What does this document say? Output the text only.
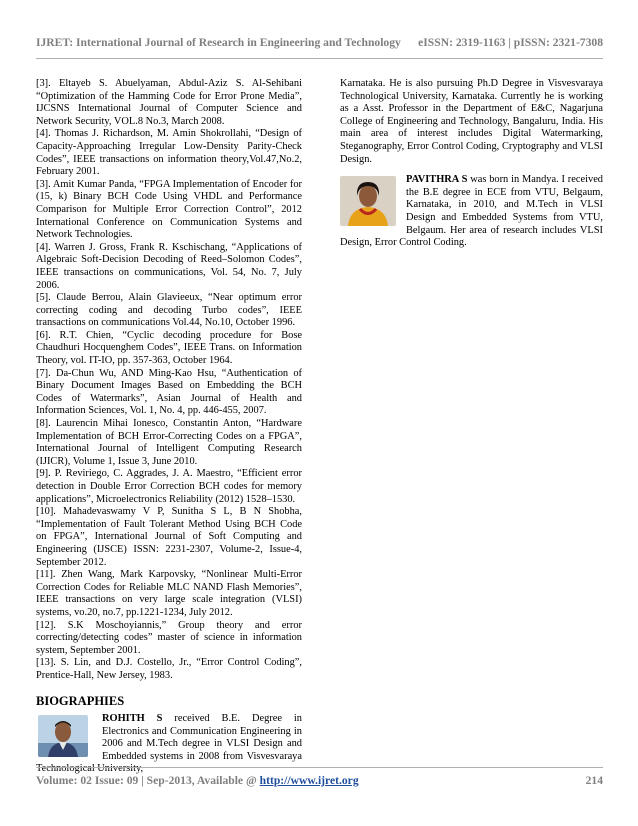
IJRET: International Journal of Research in Engineering and Technology eISSN: 2319-1163 | pISSN: 2321-7308

[3]. Eltayeb S. Abuelyaman, Abdul-Aziz S. Al-Sehibani “Optimization of the Hamming Code for Error Prone Media”, IJCSNS International Journal of Computer Science and Network Security, VOL.8 No.3, March 2008.

[4]. Thomas J. Richardson, M. Amin Shokrollahi, “Design of Capacity-Approaching Irregular Low-Density Parity-Check Codes”, IEEE transactions on information theory,Vol.47,No.2, February 2001.

[3]. Amit Kumar Panda, “FPGA Implementation of Encoder for (15, k) Binary BCH Code Using VHDL and Performance Comparison for Multiple Error Correction Control”, 2012 International Conference on Communication Systems and Network Technologies.

[4]. Warren J. Gross, Frank R. Kschischang, “Applications of Algebraic Soft-Decision Decoding of Reed–Solomon Codes”, IEEE transactions on communications, Vol. 54, No. 7, July 2006.

[5]. Claude Berrou, Alain Glavieeux, “Near optimum error correcting coding and decoding Turbo codes”, IEEE transactions on communications Vol.44, No.10, October 1996.

[6]. R.T. Chien, “Cyclic decoding procedure for Bose Chaudhuri Hocquenghem Codes”, IEEE Trans. on Information Theory, vol. IT-IO, pp. 357-363, October 1964.

[7]. Da-Chun Wu, AND Ming-Kao Hsu, “Authentication of Binary Document Images Based on Embedding the BCH Codes of Watermarks”, Asian Journal of Health and Information Sciences, Vol. 1, No. 4, pp. 446-455, 2007.

[8]. Laurencin Mihai Ionesco, Constantin Anton, “Hardware Implementation of BCH Error-Correcting Codes on a FPGA”, International Journal of Intelligent Computing Research (IJICR), Volume 1, Issue 3, June 2010.

[9]. P. Reviriego, C. Aggrades, J. A. Maestro, “Efficient error detection in Double Error Correction BCH codes for memory applications”, Microelectronics Reliability (2012) 1528–1530.

[10]. Mahadevaswamy V P, Sunitha S L, B N Shobha, “Implementation of Fault Tolerant Method Using BCH Code on FPGA”, International Journal of Soft Computing and Engineering (IJSCE) ISSN: 2231-2307, Volume-2, Issue-4, September 2012.

[11]. Zhen Wang, Mark Karpovsky, “Nonlinear Multi-Error Correction Codes for Reliable MLC NAND Flash Memories”, IEEE transactions on very large scale integration (VLSI) systems, vo.20, no.7, pp.1221-1234, July 2012.

[12]. S.K Moschoyiannis,” Group theory and error correcting/detecting codes” master of science in information system, September 2001.

[13]. S. Lin, and D.J. Costello, Jr., “Error Control Coding”, Prentice-Hall, New Jersey, 1983.

BIOGRAPHIES

ROHITH S received B.E. Degree in Electronics and Communication Engineering in 2006 and M.Tech degree in VLSI Design and Embedded systems in 2008 from Visvesvaraya Technological University,

Karnataka. He is also pursuing Ph.D Degree in Visvesvaraya Technological University, Karnataka. Currently he is working as a Asst. Professor in the Department of E&C, Nagarjuna College of Engineering and Technology, Bangaluru, India. His main area of interest includes Digital Watermarking, Steganography, Error Control Coding, Cryptography and VLSI Design.

PAVITHRA S was born in Mandya. I received the B.E degree in ECE from VTU, Belgaum, Karnataka, in 2010, and M.Tech in VLSI Design and Embedded Systems from VTU, Belgaum. Her area of research includes VLSI Design, Error Control Coding.

Volume: 02 Issue: 09 | Sep-2013, Available @ http://www.ijret.org	214
